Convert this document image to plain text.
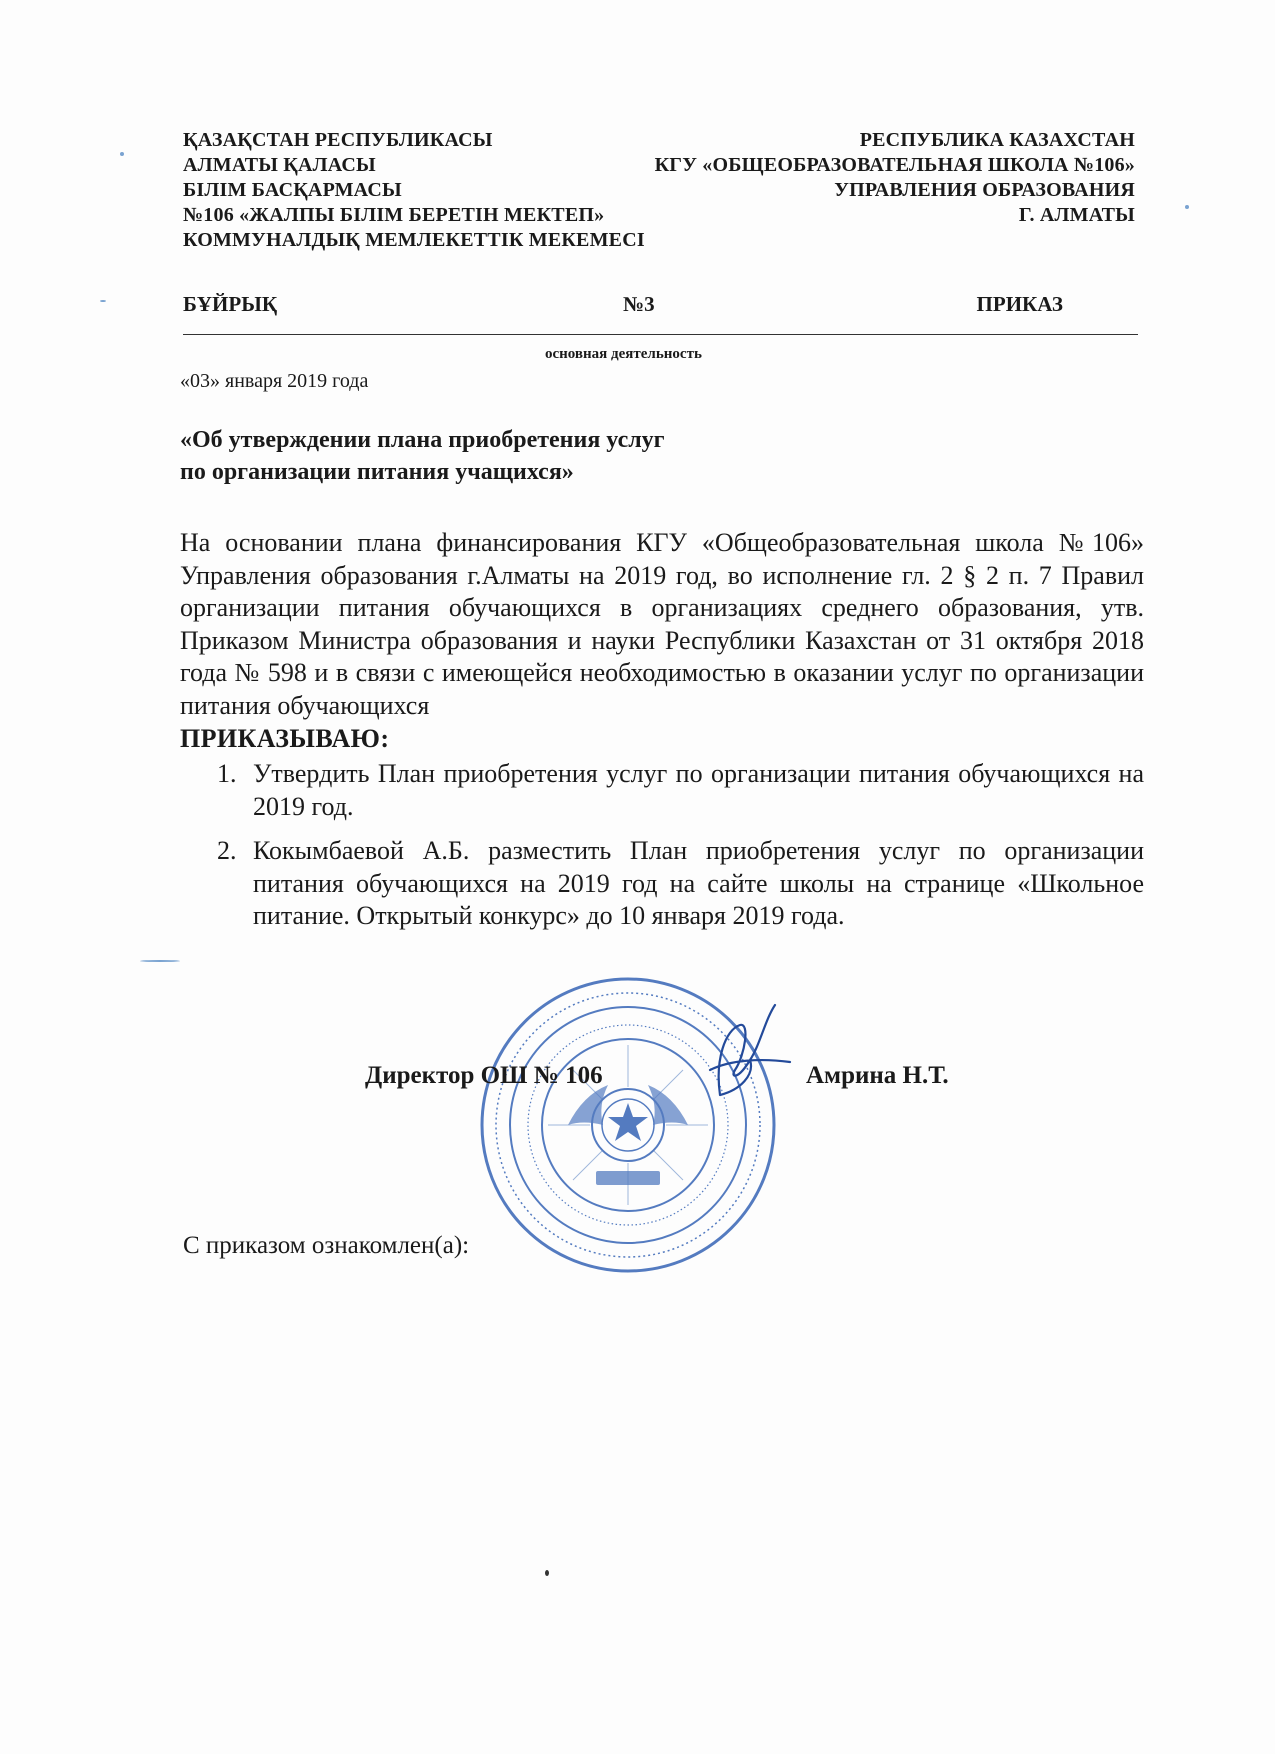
ҚАЗАҚСТАН РЕСПУБЛИКАСЫ
АЛМАТЫ ҚАЛАСЫ
БІЛІМ БАСҚАРМАСЫ
№106 «ЖАЛПЫ БІЛІМ БЕРЕТІН МЕКТЕП»
КОММУНАЛДЫҚ МЕМЛЕКЕТТІК МЕКЕМЕСІ
РЕСПУБЛИКА КАЗАХСТАН
КГУ «ОБЩЕОБРАЗОВАТЕЛЬНАЯ ШКОЛА №106»
УПРАВЛЕНИЯ ОБРАЗОВАНИЯ
Г. АЛМАТЫ
БҰЙРЫҚ	№3	ПРИКАЗ
основная деятельность
«03» января 2019 года
«Об утверждении плана приобретения услуг
по организации питания учащихся»
На основании плана финансирования КГУ «Общеобразовательная школа №106» Управления образования г.Алматы на 2019 год, во исполнение гл. 2 § 2 п. 7 Правил организации питания обучающихся в организациях среднего образования, утв. Приказом Министра образования и науки Республики Казахстан от 31 октября 2018 года № 598 и в связи с имеющейся необходимостью в оказании услуг по организации питания обучающихся
ПРИКАЗЫВАЮ:
1. Утвердить План приобретения услуг по организации питания обучающихся на 2019 год.
2. Кокымбаевой А.Б. разместить План приобретения услуг по организации питания обучающихся на 2019 год на сайте школы на странице «Школьное питание. Открытый конкурс» до 10 января 2019 года.
Директор ОШ № 106	Амрина Н.Т.
С приказом ознакомлен(а):
